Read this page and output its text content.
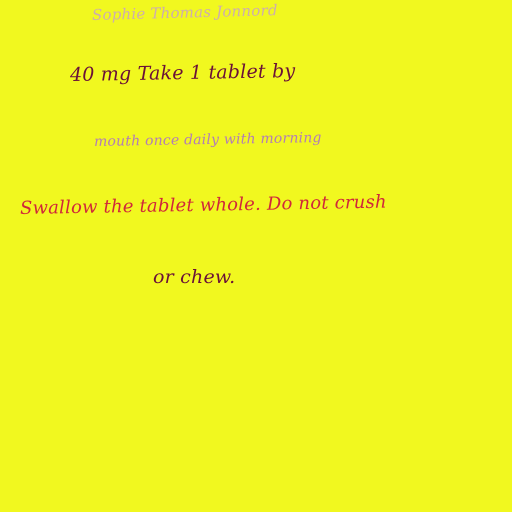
Sophie Thomas Jonnord
40 mg Take 1 tablet by
mouth once daily with morning
Swallow the tablet whole. Do not crush
or chew.
